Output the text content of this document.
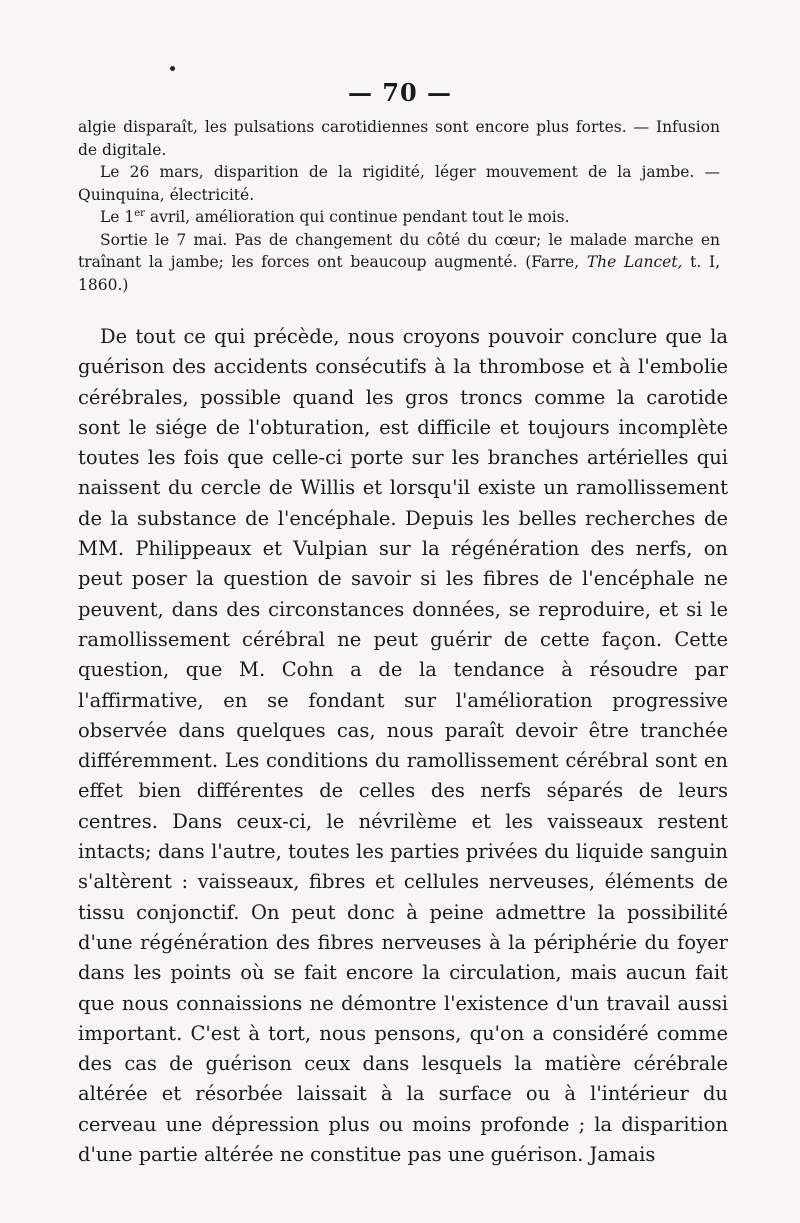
— 70 —

algie disparaît, les pulsations carotidiennes sont encore plus fortes. — Infusion de digitale.

Le 26 mars, disparition de la rigidité, léger mouvement de la jambe. — Quinquina, électricité.

Le 1er avril, amélioration qui continue pendant tout le mois.

Sortie le 7 mai. Pas de changement du côté du cœur; le malade marche en traînant la jambe; les forces ont beaucoup augmenté. (Farre, The Lancet, t. I, 1860.)

De tout ce qui précède, nous croyons pouvoir conclure que la guérison des accidents consécutifs à la thrombose et à l'embolie cérébrales, possible quand les gros troncs comme la carotide sont le siége de l'obturation, est difficile et toujours incomplète toutes les fois que celle-ci porte sur les branches artérielles qui naissent du cercle de Willis et lorsqu'il existe un ramollissement de la substance de l'encéphale. Depuis les belles recherches de MM. Philippeaux et Vulpian sur la régénération des nerfs, on peut poser la question de savoir si les fibres de l'encéphale ne peuvent, dans des circonstances données, se reproduire, et si le ramollissement cérébral ne peut guérir de cette façon. Cette question, que M. Cohn a de la tendance à résoudre par l'affirmative, en se fondant sur l'amélioration progressive observée dans quelques cas, nous paraît devoir être tranchée différemment. Les conditions du ramollissement cérébral sont en effet bien différentes de celles des nerfs séparés de leurs centres. Dans ceux-ci, le névrilème et les vaisseaux restent intacts; dans l'autre, toutes les parties privées du liquide sanguin s'altèrent : vaisseaux, fibres et cellules nerveuses, éléments de tissu conjonctif. On peut donc à peine admettre la possibilité d'une régénération des fibres nerveuses à la périphérie du foyer dans les points où se fait encore la circulation, mais aucun fait que nous connaissions ne démontre l'existence d'un travail aussi important. C'est à tort, nous pensons, qu'on a considéré comme des cas de guérison ceux dans lesquels la matière cérébrale altérée et résorbée laissait à la surface ou à l'intérieur du cerveau une dépression plus ou moins profonde ; la disparition d'une partie altérée ne constitue pas une guérison. Jamais
